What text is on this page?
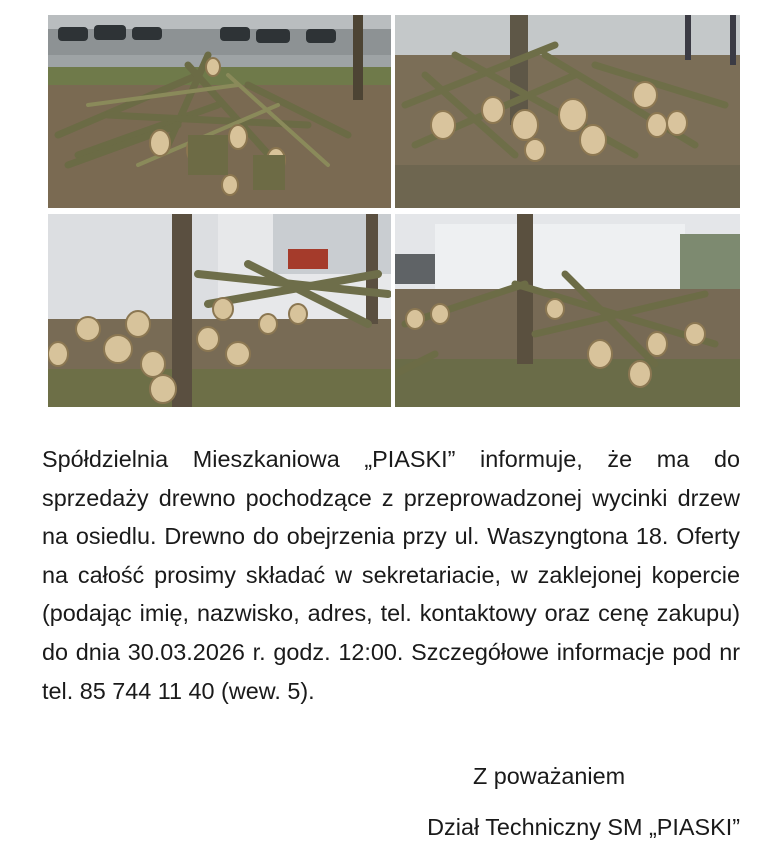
Spółdzielnia Mieszkaniowa „PIASKI” informuje, że ma do sprzedaży drewno pochodzące z przeprowadzonej wycinki drzew na osiedlu. Drewno do obejrzenia przy ul. Waszyngtona 18. Oferty na całość prosimy składać w sekretariacie, w zaklejonej kopercie (podając imię, nazwisko, adres, tel. kontaktowy oraz cenę zakupu) do dnia 30.03.2026 r. godz. 12:00. Szczegółowe informacje pod nr tel. 85 744 11 40 (wew. 5).

Z poważaniem

Dział Techniczny SM „PIASKI”
